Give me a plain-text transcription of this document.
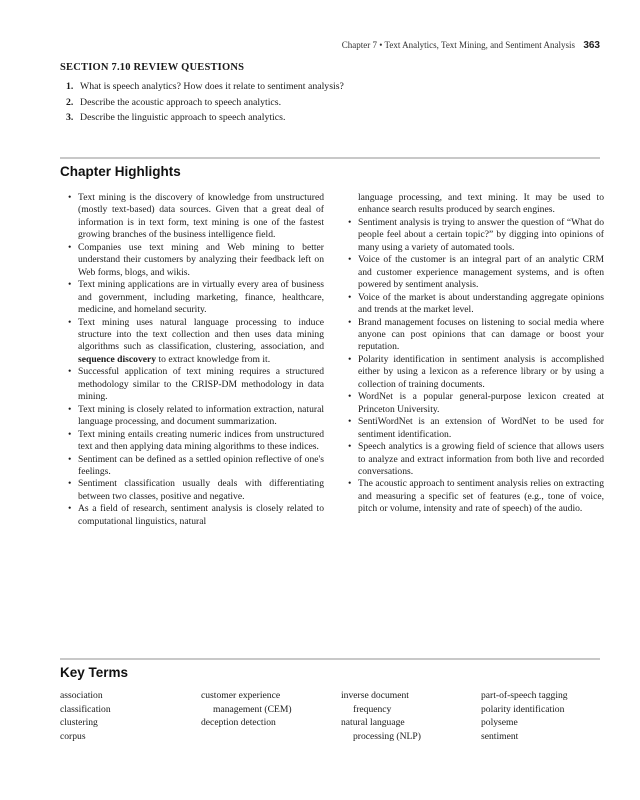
Chapter 7 • Text Analytics, Text Mining, and Sentiment Analysis 363
SECTION 7.10 REVIEW QUESTIONS
1. What is speech analytics? How does it relate to sentiment analysis?
2. Describe the acoustic approach to speech analytics.
3. Describe the linguistic approach to speech analytics.
Chapter Highlights
• Text mining is the discovery of knowledge from unstructured (mostly text-based) data sources. Given that a great deal of information is in text form, text mining is one of the fastest growing branches of the business intelligence field.
• Companies use text mining and Web mining to better understand their customers by analyzing their feedback left on Web forms, blogs, and wikis.
• Text mining applications are in virtually every area of business and government, including marketing, finance, healthcare, medicine, and homeland security.
• Text mining uses natural language processing to induce structure into the text collection and then uses data mining algorithms such as classification, clustering, association, and sequence discovery to extract knowledge from it.
• Successful application of text mining requires a structured methodology similar to the CRISP-DM methodology in data mining.
• Text mining is closely related to information extraction, natural language processing, and document summarization.
• Text mining entails creating numeric indices from unstructured text and then applying data mining algorithms to these indices.
• Sentiment can be defined as a settled opinion reflective of one's feelings.
• Sentiment classification usually deals with differentiating between two classes, positive and negative.
• As a field of research, sentiment analysis is closely related to computational linguistics, natural

language processing, and text mining. It may be used to enhance search results produced by search engines.

• Sentiment analysis is trying to answer the question of “What do people feel about a certain topic?” by digging into opinions of many using a variety of automated tools.
• Voice of the customer is an integral part of an analytic CRM and customer experience management systems, and is often powered by sentiment analysis.
• Voice of the market is about understanding aggregate opinions and trends at the market level.
• Brand management focuses on listening to social media where anyone can post opinions that can damage or boost your reputation.
• Polarity identification in sentiment analysis is accomplished either by using a lexicon as a reference library or by using a collection of training documents.
• WordNet is a popular general-purpose lexicon created at Princeton University.
• SentiWordNet is an extension of WordNet to be used for sentiment identification.
• Speech analytics is a growing field of science that allows users to analyze and extract information from both live and recorded conversations.
• The acoustic approach to sentiment analysis relies on extracting and measuring a specific set of features (e.g., tone of voice, pitch or volume, intensity and rate of speech) of the audio.
Key Terms
association
classification
clustering
corpus
customer experience
management (CEM)
deception detection
inverse document
frequency
natural language
processing (NLP)
part-of-speech tagging
polarity identification
polyseme
sentiment
